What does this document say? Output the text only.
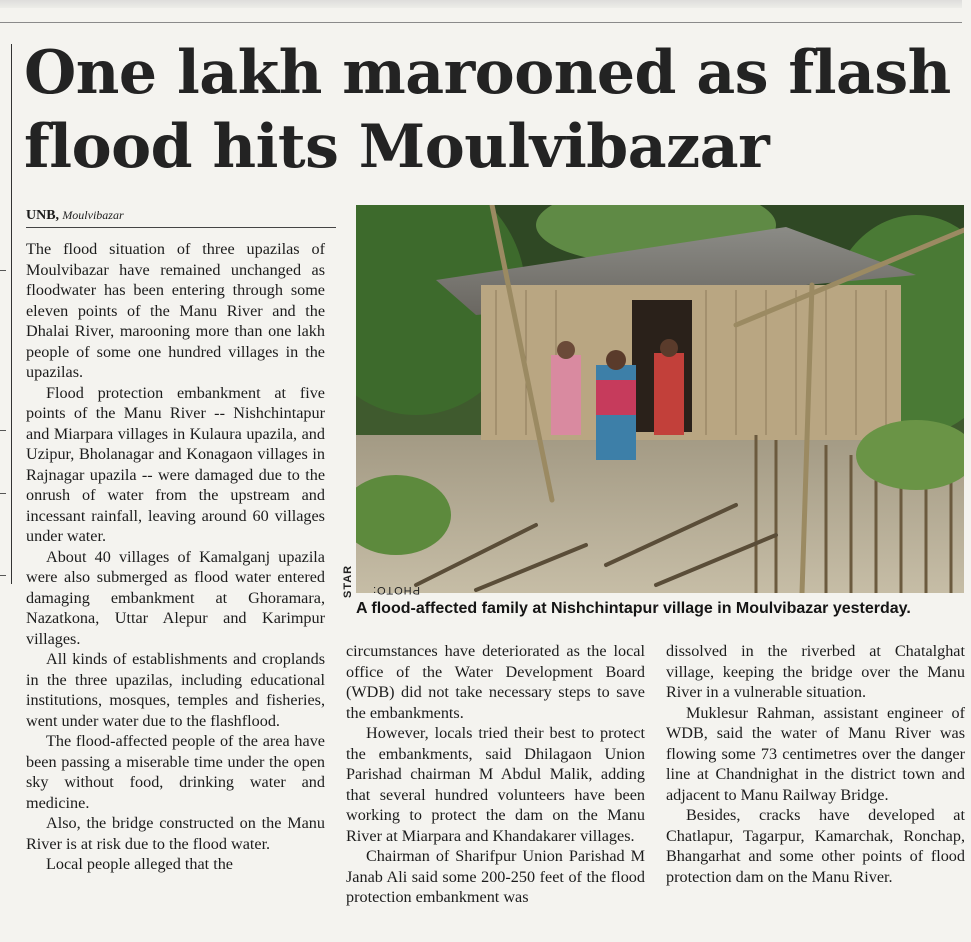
One lakh marooned as flash flood hits Moulvibazar
UNB, Moulvibazar

The flood situation of three upazilas of Moulvibazar have remained unchanged as floodwater has been entering through some eleven points of the Manu River and the Dhalai River, marooning more than one lakh people of some one hundred villages in the upazilas.

Flood protection embankment at five points of the Manu River -- Nishchintapur and Miarpara villages in Kulaura upazila, and Uzipur, Bholanagar and Konagaon villages in Rajnagar upazila -- were damaged due to the onrush of water from the upstream and incessant rainfall, leaving around 60 villages under water.

About 40 villages of Kamalganj upazila were also submerged as flood water entered damaging embankment at Ghoramara, Nazatkona, Uttar Alepur and Karimpur villages.

All kinds of establishments and croplands in the three upazilas, including educational institutions, mosques, temples and fisheries, went under water due to the flashflood.

The flood-affected people of the area have been passing a miserable time under the open sky without food, drinking water and medicine.

Also, the bridge constructed on the Manu River is at risk due to the flood water.

Local people alleged that the

PHOTO:
STAR
A flood-affected family at Nishchintapur village in Moulvibazar yesterday.

circumstances have deteriorated as the local office of the Water Development Board (WDB) did not take necessary steps to save the embankments.

However, locals tried their best to protect the embankments, said Dhilagaon Union Parishad chairman M Abdul Malik, adding that several hundred volunteers have been working to protect the dam on the Manu River at Miarpara and Khandakarer villages.

Chairman of Sharifpur Union Parishad M Janab Ali said some 200-250 feet of the flood protection embankment was

dissolved in the riverbed at Chatalghat village, keeping the bridge over the Manu River in a vulnerable situation.

Muklesur Rahman, assistant engineer of WDB, said the water of Manu River was flowing some 73 centimetres over the danger line at Chandnighat in the district town and adjacent to Manu Railway Bridge.

Besides, cracks have developed at Chatlapur, Tagarpur, Kamarchak, Ronchap, Bhangarhat and some other points of flood protection dam on the Manu River.
